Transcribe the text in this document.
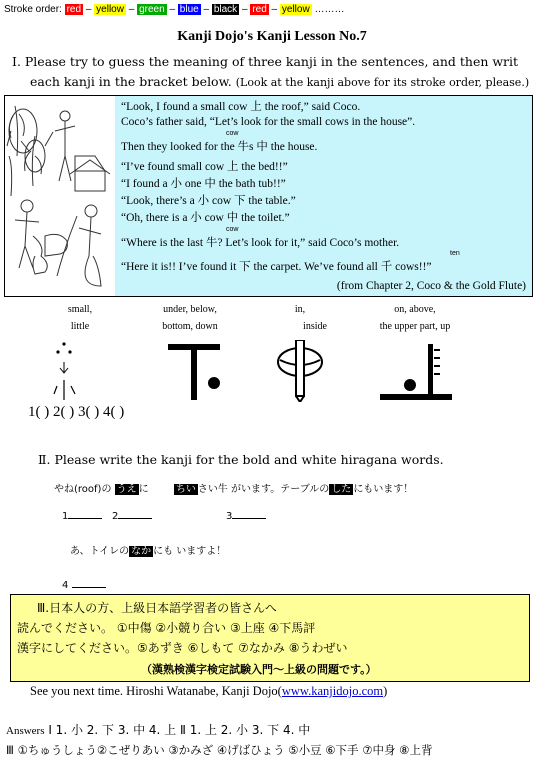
Stroke order: red – yellow – green – blue – black – red – yellow ………
Kanji Dojo's Kanji Lesson No.7
Ⅰ. Please try to guess the meaning of three kanji in the sentences, and then writ
each kanji in the bracket below. (Look at the kanji above for its stroke order, please.)
“Look, I found a small cow 上 the roof,” said Coco.
Coco’s father said, “Let’s look for the small cows in the house”.
Then they looked for the 牛s 中 the house.
cow
“I’ve found small cow 上 the bed!!”
“I found a 小 one 中 the bath tub!!”
“Look, there’s a 小 cow 下 the table.”
“Oh, there is a 小 cow 中 the toilet.”
“Where is the last 牛? Let’s look for it,” said Coco’s mother.
cow
“Here it is!! I’ve found it 下 the carpet. We’ve found all 千 cows!!”
ten
(from Chapter 2, Coco & the Gold Flute)
small,
little
under, below,
bottom, down
in,
inside
on, above,
the upper part, up
1( ) 2( ) 3( ) 4( )
Ⅱ. Please write the kanji for the bold and white hiragana words.
やね(roof)の うえ に	ちい さい牛 がいます。テーブルの した にもいます！
1	2	3
あ、トイレの なか にも いますよ！
4
Ⅲ.日本人の方、上級日本語学習者の皆さんへ
読んでください。 ①中傷 ②小競り合い ③上座 ④下馬評
漢字にしてください。⑤あずき ⑥しもて ⑦なかみ ⑧うわぜい
（漢熟検漢字検定試験入門～上級の問題です。）
See you next time. Hiroshi Watanabe, Kanji Dojo(www.kanjidojo.com)
Answers Ⅰ 1. 小 2. 下 3. 中 4. 上 Ⅱ 1. 上 2. 小 3. 下 4. 中
Ⅲ ①ちゅうしょう②こぜりあい ③かみざ ④げばひょう ⑤小豆 ⑥下手 ⑦中身 ⑧上背
